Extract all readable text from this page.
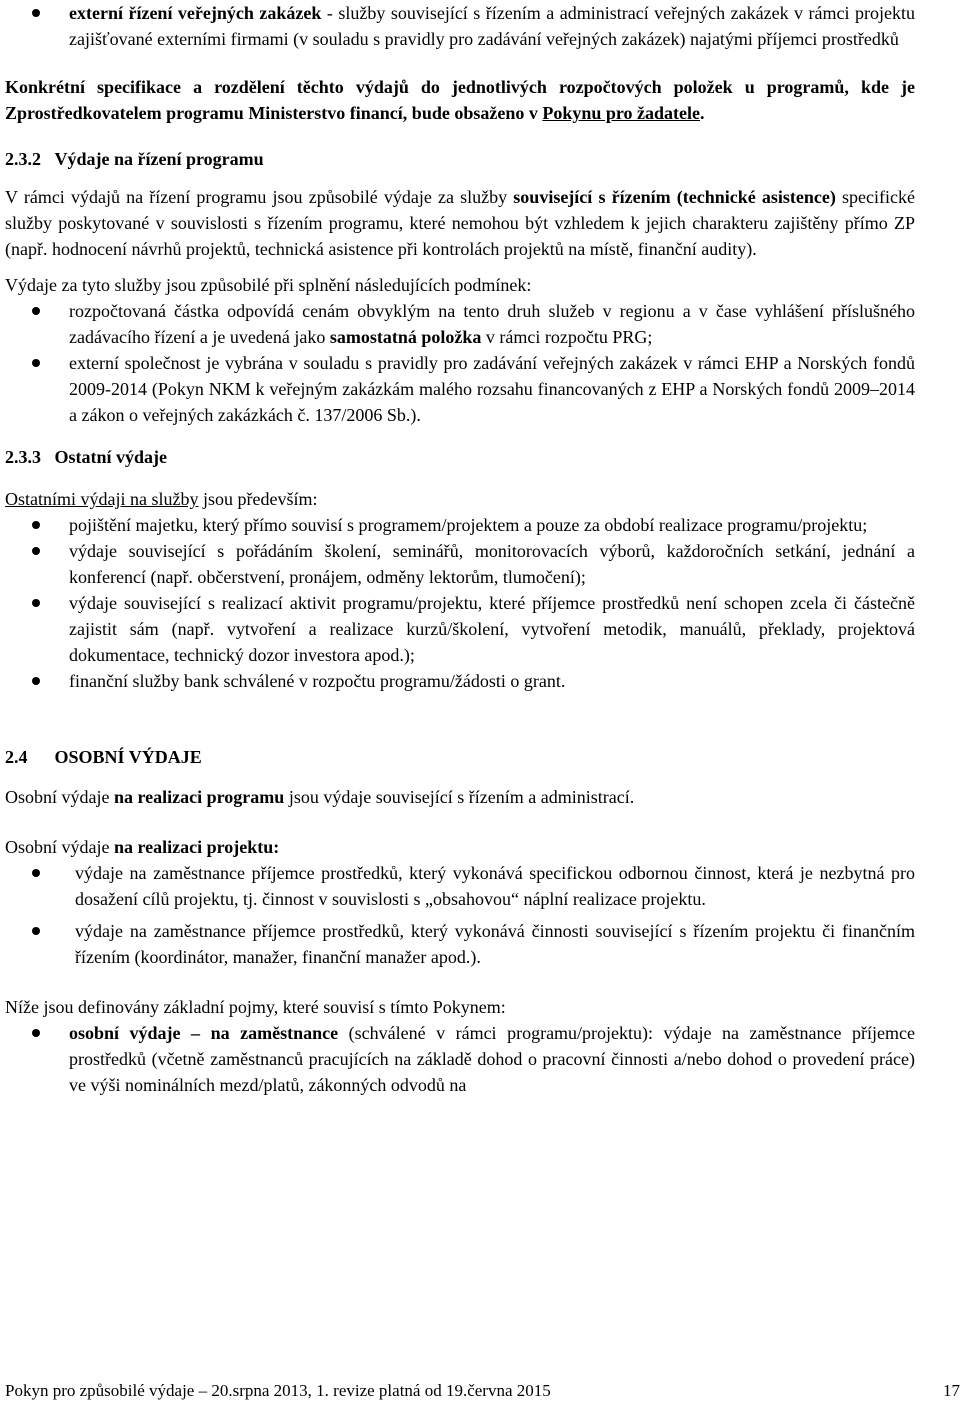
externí řízení veřejných zakázek - služby související s řízením a administrací veřejných zakázek v rámci projektu zajišťované externími firmami (v souladu s pravidly pro zadávání veřejných zakázek) najatými příjemci prostředků

Konkrétní specifikace a rozdělení těchto výdajů do jednotlivých rozpočtových položek u programů, kde je Zprostředkovatelem programu Ministerstvo financí, bude obsaženo v Pokynu pro žadatele.

2.3.2 Výdaje na řízení programu

V rámci výdajů na řízení programu jsou způsobilé výdaje za služby související s řízením (technické asistence) specifické služby poskytované v souvislosti s řízením programu, které nemohou být vzhledem k jejich charakteru zajištěny přímo ZP (např. hodnocení návrhů projektů, technická asistence při kontrolách projektů na místě, finanční audity).

Výdaje za tyto služby jsou způsobilé při splnění následujících podmínek:

rozpočtovaná částka odpovídá cenám obvyklým na tento druh služeb v regionu a v čase vyhlášení příslušného zadávacího řízení a je uvedená jako samostatná položka v rámci rozpočtu PRG;
externí společnost je vybrána v souladu s pravidly pro zadávání veřejných zakázek v rámci EHP a Norských fondů 2009-2014 (Pokyn NKM k veřejným zakázkám malého rozsahu financovaných z EHP a Norských fondů 2009–2014 a zákon o veřejných zakázkách č. 137/2006 Sb.).

2.3.3 Ostatní výdaje

Ostatními výdaji na služby jsou především:

pojištění majetku, který přímo souvisí s programem/projektem a pouze za období realizace programu/projektu;
výdaje související s pořádáním školení, seminářů, monitorovacích výborů, každoročních setkání, jednání a konferencí (např. občerstvení, pronájem, odměny lektorům, tlumočení);
výdaje související s realizací aktivit programu/projektu, které příjemce prostředků není schopen zcela či částečně zajistit sám (např. vytvoření a realizace kurzů/školení, vytvoření metodik, manuálů, překlady, projektová dokumentace, technický dozor investora apod.);
finanční služby bank schválené v rozpočtu programu/žádosti o grant.

2.4 OSOBNÍ VÝDAJE

Osobní výdaje na realizaci programu jsou výdaje související s řízením a administrací.

Osobní výdaje na realizaci projektu:

výdaje na zaměstnance příjemce prostředků, který vykonává specifickou odbornou činnost, která je nezbytná pro dosažení cílů projektu, tj. činnost v souvislosti s „obsahovou“ náplní realizace projektu.
výdaje na zaměstnance příjemce prostředků, který vykonává činnosti související s řízením projektu či finančním řízením (koordinátor, manažer, finanční manažer apod.).

Níže jsou definovány základní pojmy, které souvisí s tímto Pokynem:

osobní výdaje – na zaměstnance (schválené v rámci programu/projektu): výdaje na zaměstnance příjemce prostředků (včetně zaměstnanců pracujících na základě dohod o pracovní činnosti a/nebo dohod o provedení práce) ve výši nominálních mezd/platů, zákonných odvodů na
Pokyn pro způsobilé výdaje – 20.srpna 2013, 1. revize platná od 19.června 2015	17
